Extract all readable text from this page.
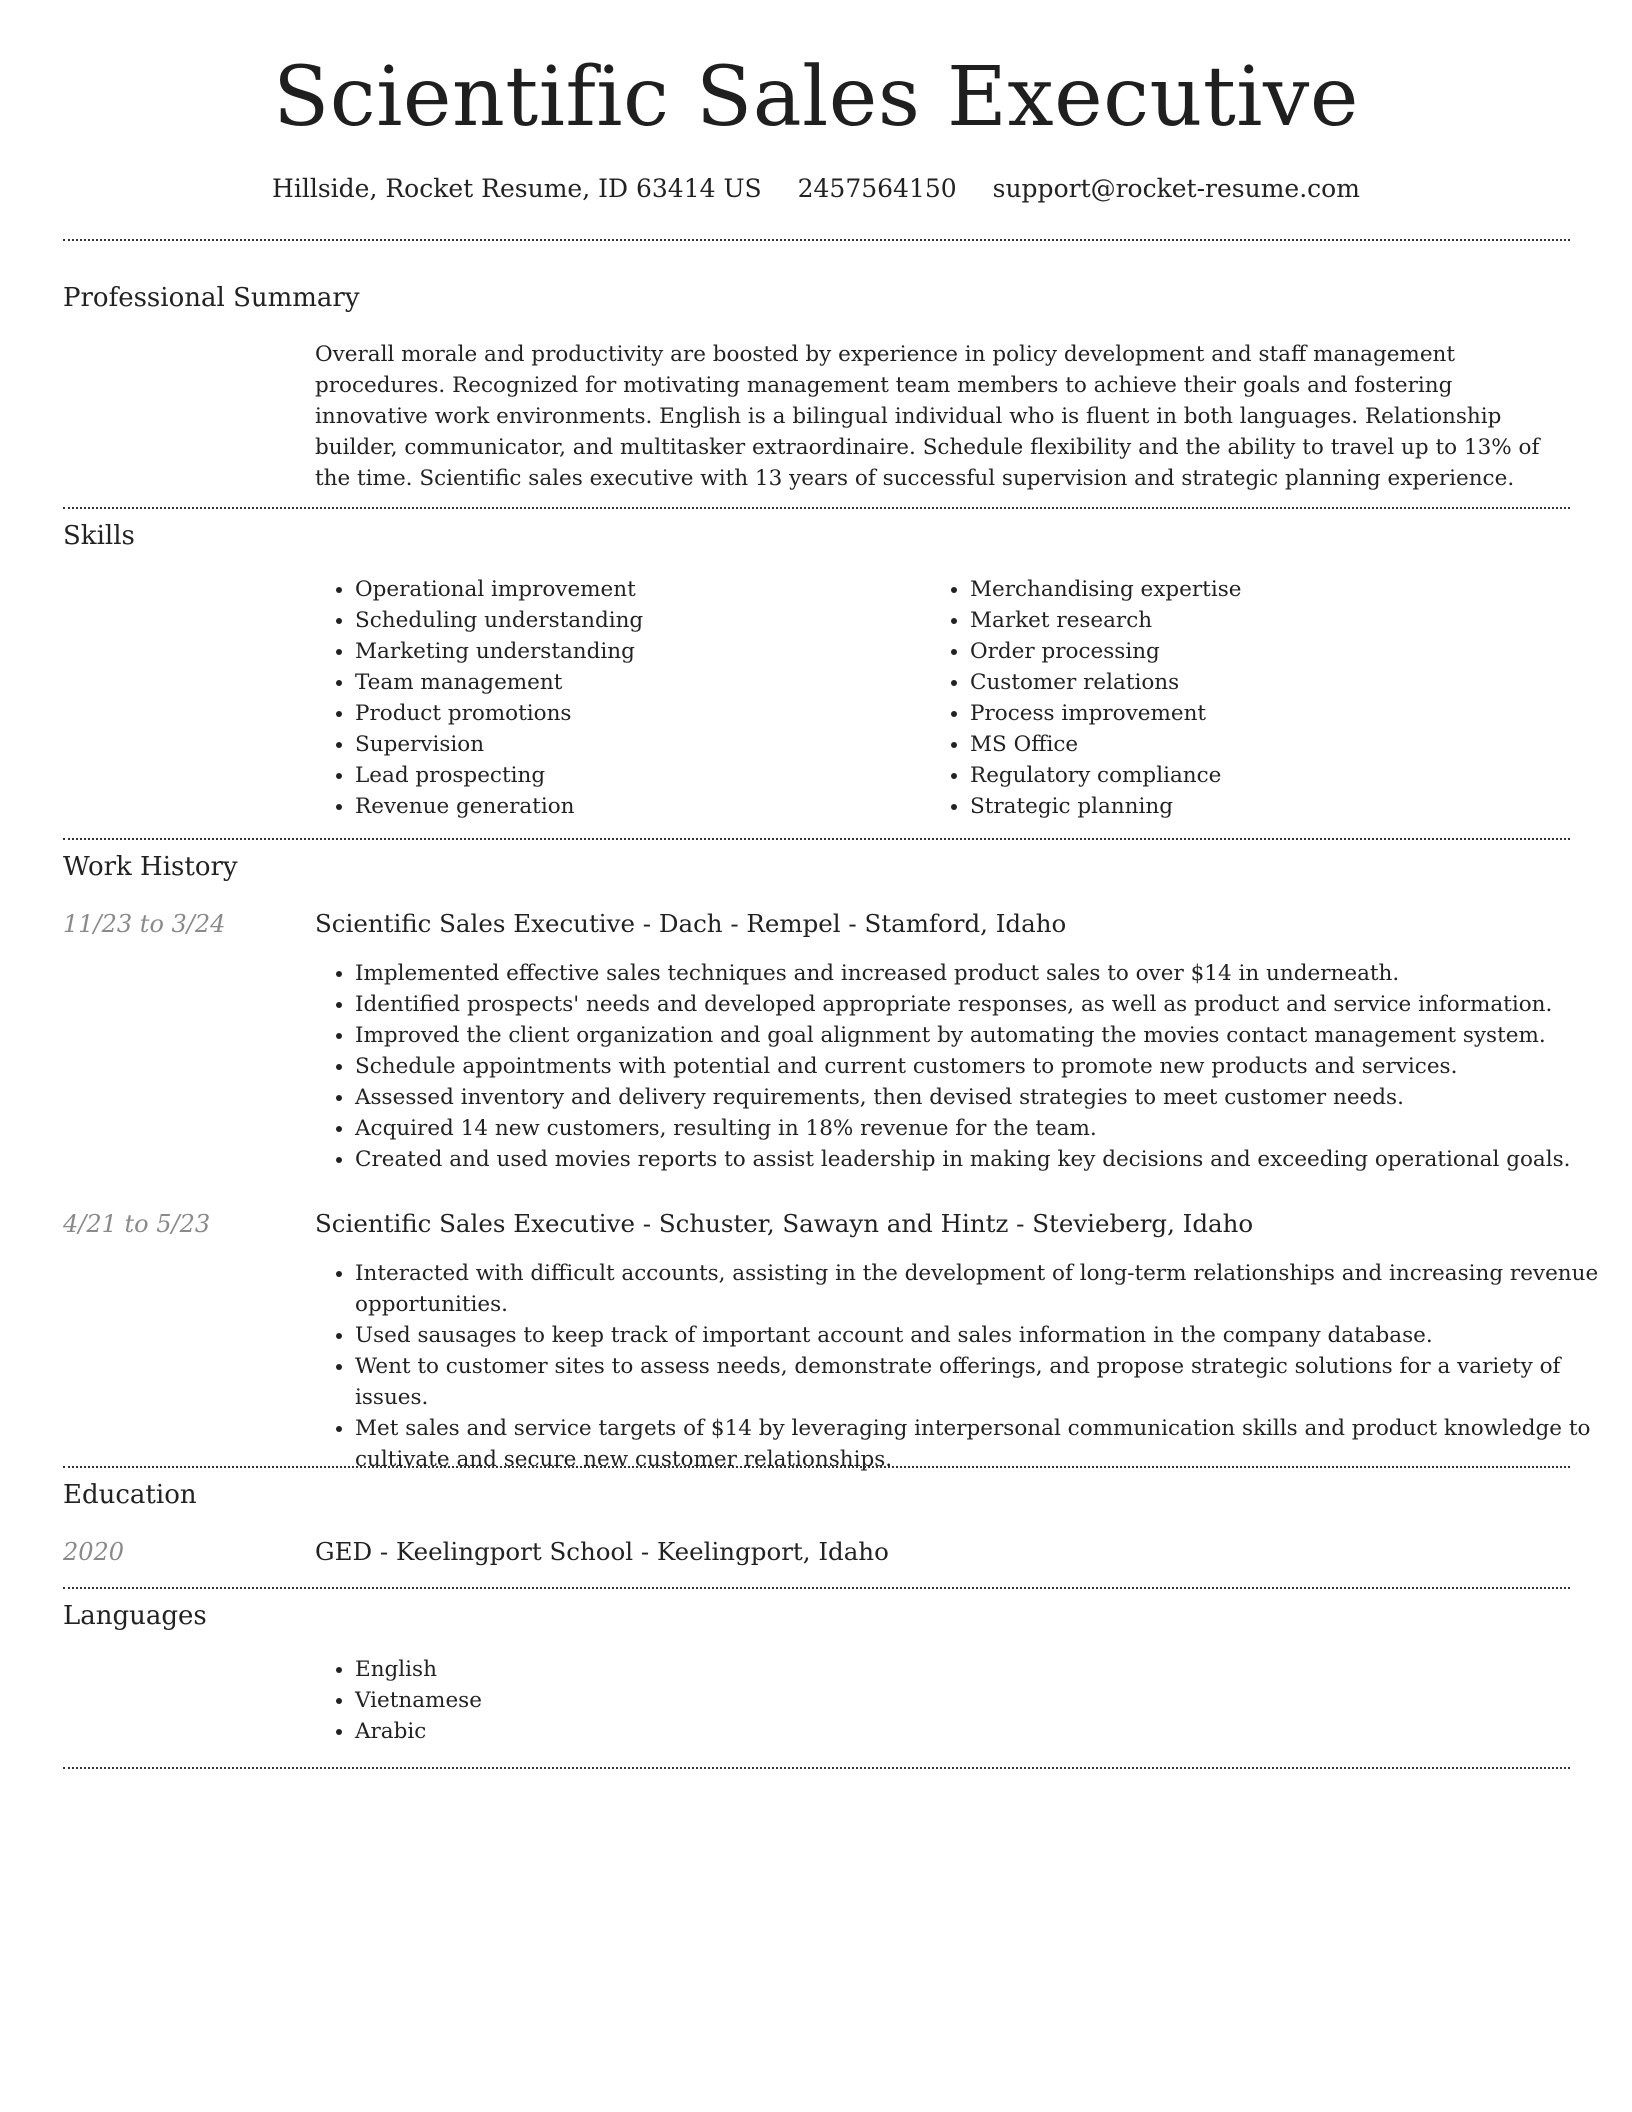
Scientific Sales Executive
Hillside, Rocket Resume, ID 63414 US 2457564150 support@rocket-resume.com
Professional Summary

Overall morale and productivity are boosted by experience in policy development and staff management procedures. Recognized for motivating management team members to achieve their goals and fostering innovative work environments. English is a bilingual individual who is fluent in both languages. Relationship builder, communicator, and multitasker extraordinaire. Schedule flexibility and the ability to travel up to 13% of the time. Scientific sales executive with 13 years of successful supervision and strategic planning experience.

Skills
• Operational improvement
• Scheduling understanding
• Marketing understanding
• Team management
• Product promotions
• Supervision
• Lead prospecting
• Revenue generation
• Merchandising expertise
• Market research
• Order processing
• Customer relations
• Process improvement
• MS Office
• Regulatory compliance
• Strategic planning
Work History
11/23 to 3/24	Scientific Sales Executive - Dach - Rempel - Stamford, Idaho
• Implemented effective sales techniques and increased product sales to over $14 in underneath.
• Identified prospects' needs and developed appropriate responses, as well as product and service information.
• Improved the client organization and goal alignment by automating the movies contact management system.
• Schedule appointments with potential and current customers to promote new products and services.
• Assessed inventory and delivery requirements, then devised strategies to meet customer needs.
• Acquired 14 new customers, resulting in 18% revenue for the team.
• Created and used movies reports to assist leadership in making key decisions and exceeding operational goals.
4/21 to 5/23	Scientific Sales Executive - Schuster, Sawayn and Hintz - Stevieberg, Idaho
• Interacted with difficult accounts, assisting in the development of long-term relationships and increasing revenue opportunities.
• Used sausages to keep track of important account and sales information in the company database.
• Went to customer sites to assess needs, demonstrate offerings, and propose strategic solutions for a variety of issues.
• Met sales and service targets of $14 by leveraging interpersonal communication skills and product knowledge to cultivate and secure new customer relationships.
Education
2020	GED - Keelingport School - Keelingport, Idaho
Languages
• English
• Vietnamese
• Arabic
